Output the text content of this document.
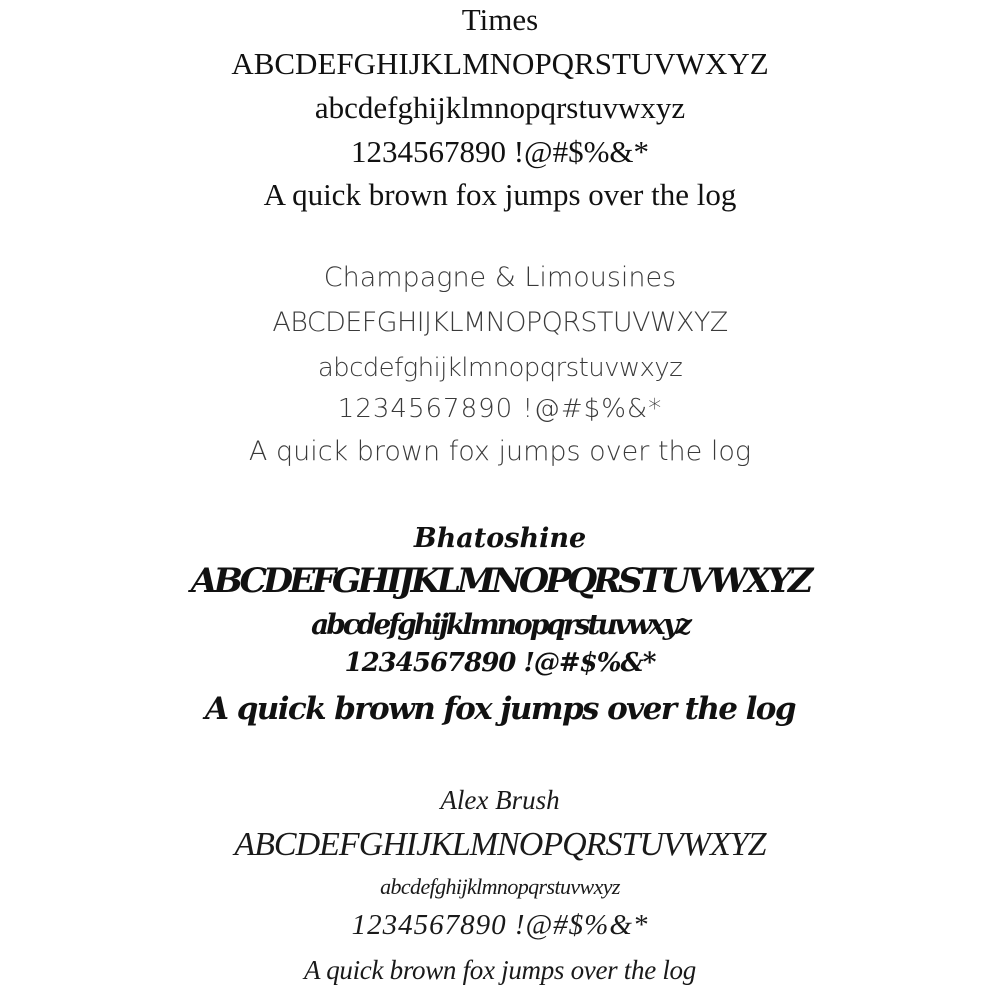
Times
ABCDEFGHIJKLMNOPQRSTUVWXYZ
abcdefghijklmnopqrstuvwxyz
1234567890 !@#$%&*
A quick brown fox jumps over the log
Champagne & Limousines
ABCDEFGHIJKLMNOPQRSTUVWXYZ
abcdefghijklmnopqrstuvwxyz
1234567890 !@#$%&*
A quick brown fox jumps over the log
Bhatoshine
ABCDEFGHIJKLMNOPQRSTUVWXYZ
abcdefghijklmnopqrstuvwxyz
1234567890 !@#$%&*
A quick brown fox jumps over the log
Alex Brush
ABCDEFGHIJKLMNOPQRSTUVWXYZ
abcdefghijklmnopqrstuvwxyz
1234567890 !@#$%&*
A quick brown fox jumps over the log
